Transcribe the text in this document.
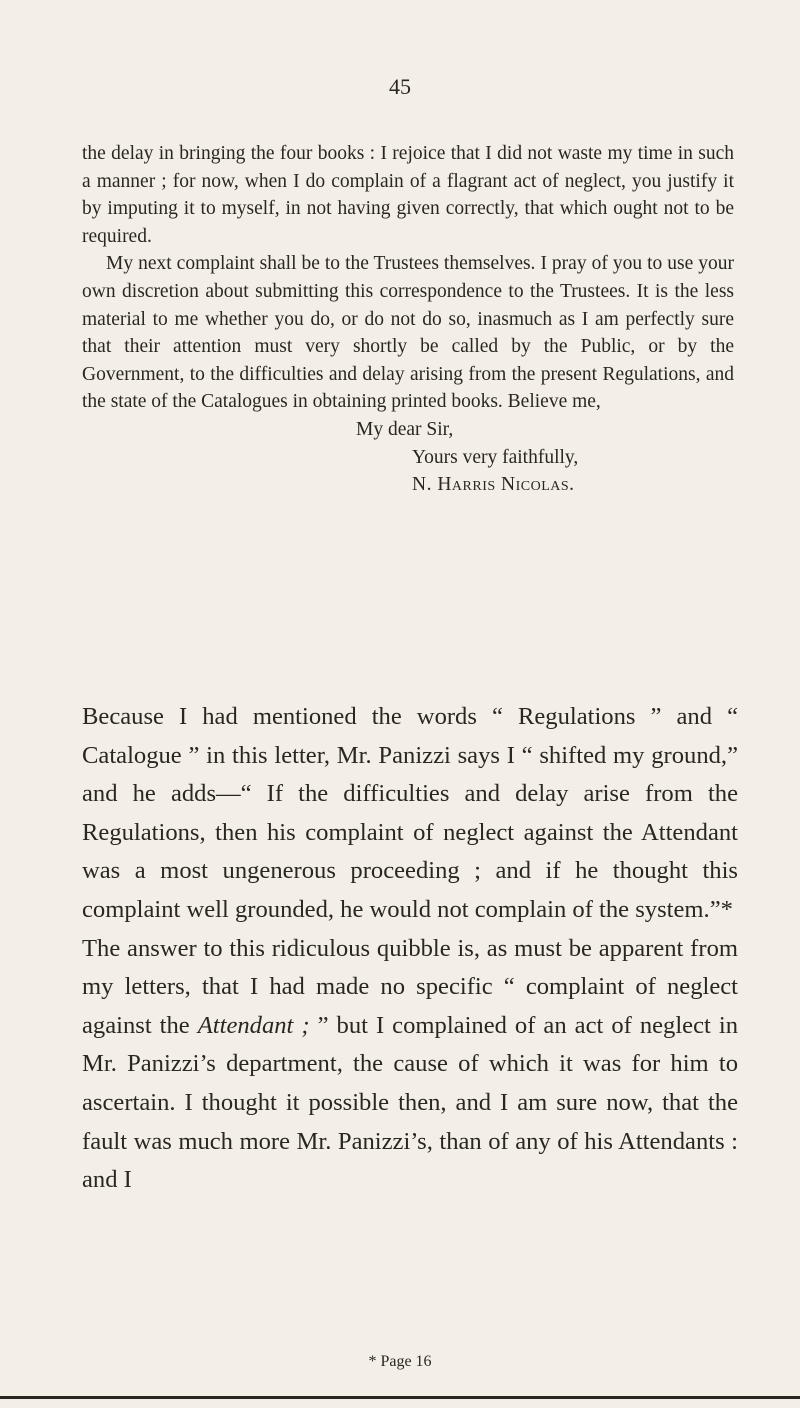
45

the delay in bringing the four books : I rejoice that I did not waste my time in such a manner ; for now, when I do complain of a flagrant act of neglect, you justify it by imputing it to myself, in not having given correctly, that which ought not to be required.

My next complaint shall be to the Trustees themselves. I pray of you to use your own discretion about submitting this correspondence to the Trustees. It is the less material to me whether you do, or do not do so, inasmuch as I am perfectly sure that their attention must very shortly be called by the Public, or by the Government, to the difficulties and delay arising from the present Regulations, and the state of the Catalogues in obtaining printed books. Believe me,

My dear Sir,
Yours very faithfully,
N. Harris Nicolas.

Because I had mentioned the words “ Regulations ” and “ Catalogue ” in this letter, Mr. Panizzi says I “ shifted my ground,” and he adds—“ If the difficulties and delay arise from the Regulations, then his complaint of neglect against the Attendant was a most ungenerous proceeding ; and if he thought this complaint well grounded, he would not complain of the system.”*

The answer to this ridiculous quibble is, as must be apparent from my letters, that I had made no specific “ complaint of neglect against the Attendant ; ” but I complained of an act of neglect in Mr. Panizzi’s department, the cause of which it was for him to ascertain. I thought it possible then, and I am sure now, that the fault was much more Mr. Panizzi’s, than of any of his Attendants : and I

* Page 16
